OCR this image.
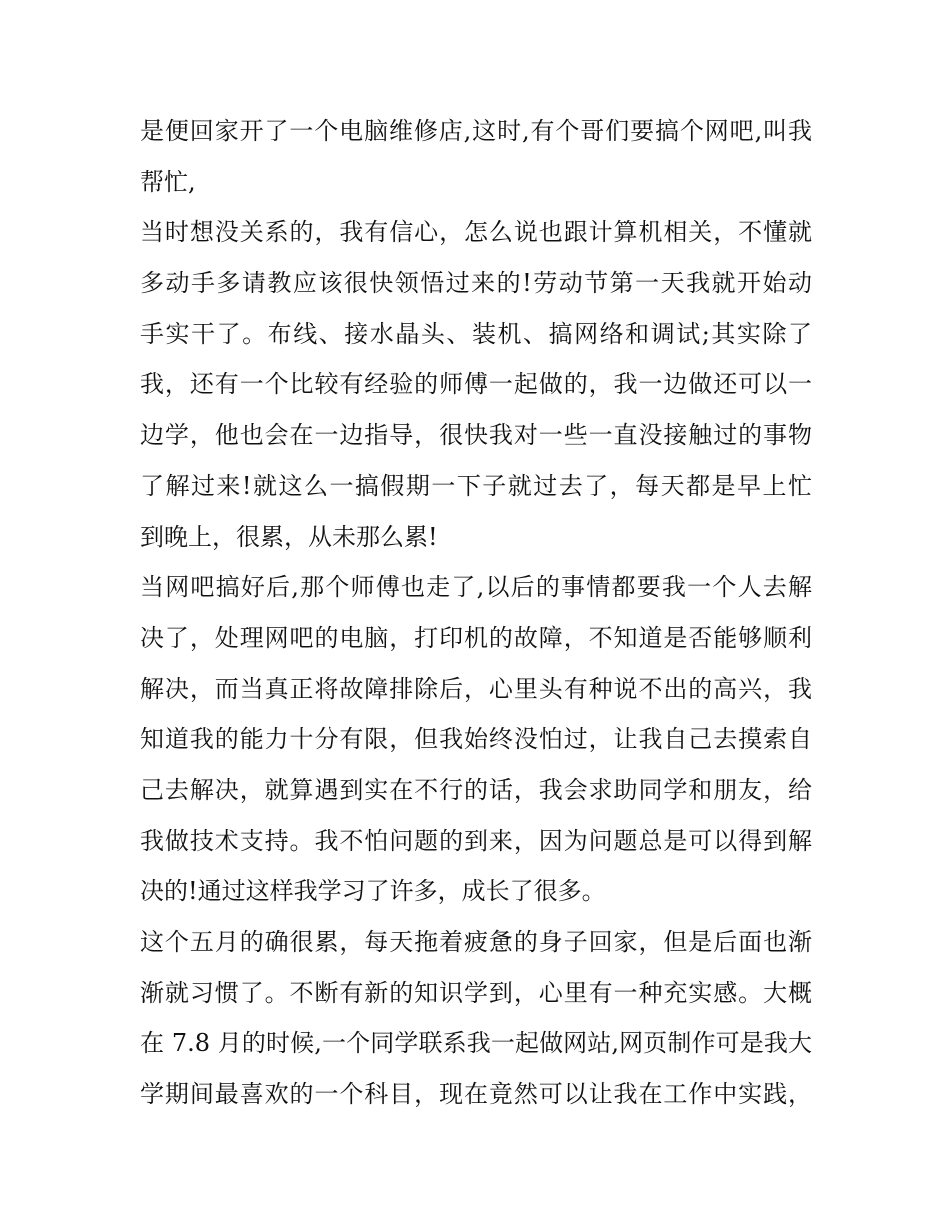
是便回家开了一个电脑维修店,这时,有个哥们要搞个网吧,叫我
帮忙,
当时想没关系的，我有信心，怎么说也跟计算机相关，不懂就
多动手多请教应该很快领悟过来的!劳动节第一天我就开始动
手实干了。布线、接水晶头、装机、搞网络和调试;其实除了
我，还有一个比较有经验的师傅一起做的，我一边做还可以一
边学，他也会在一边指导，很快我对一些一直没接触过的事物
了解过来!就这么一搞假期一下子就过去了，每天都是早上忙
到晚上，很累，从未那么累!
当网吧搞好后,那个师傅也走了,以后的事情都要我一个人去解
决了，处理网吧的电脑，打印机的故障，不知道是否能够顺利
解决，而当真正将故障排除后，心里头有种说不出的高兴，我
知道我的能力十分有限，但我始终没怕过，让我自己去摸索自
己去解决，就算遇到实在不行的话，我会求助同学和朋友，给
我做技术支持。我不怕问题的到来，因为问题总是可以得到解
决的!通过这样我学习了许多，成长了很多。
这个五月的确很累，每天拖着疲惫的身子回家，但是后面也渐
渐就习惯了。不断有新的知识学到，心里有一种充实感。大概
在 7.8 月的时候,一个同学联系我一起做网站,网页制作可是我大
学期间最喜欢的一个科目，现在竟然可以让我在工作中实践，
